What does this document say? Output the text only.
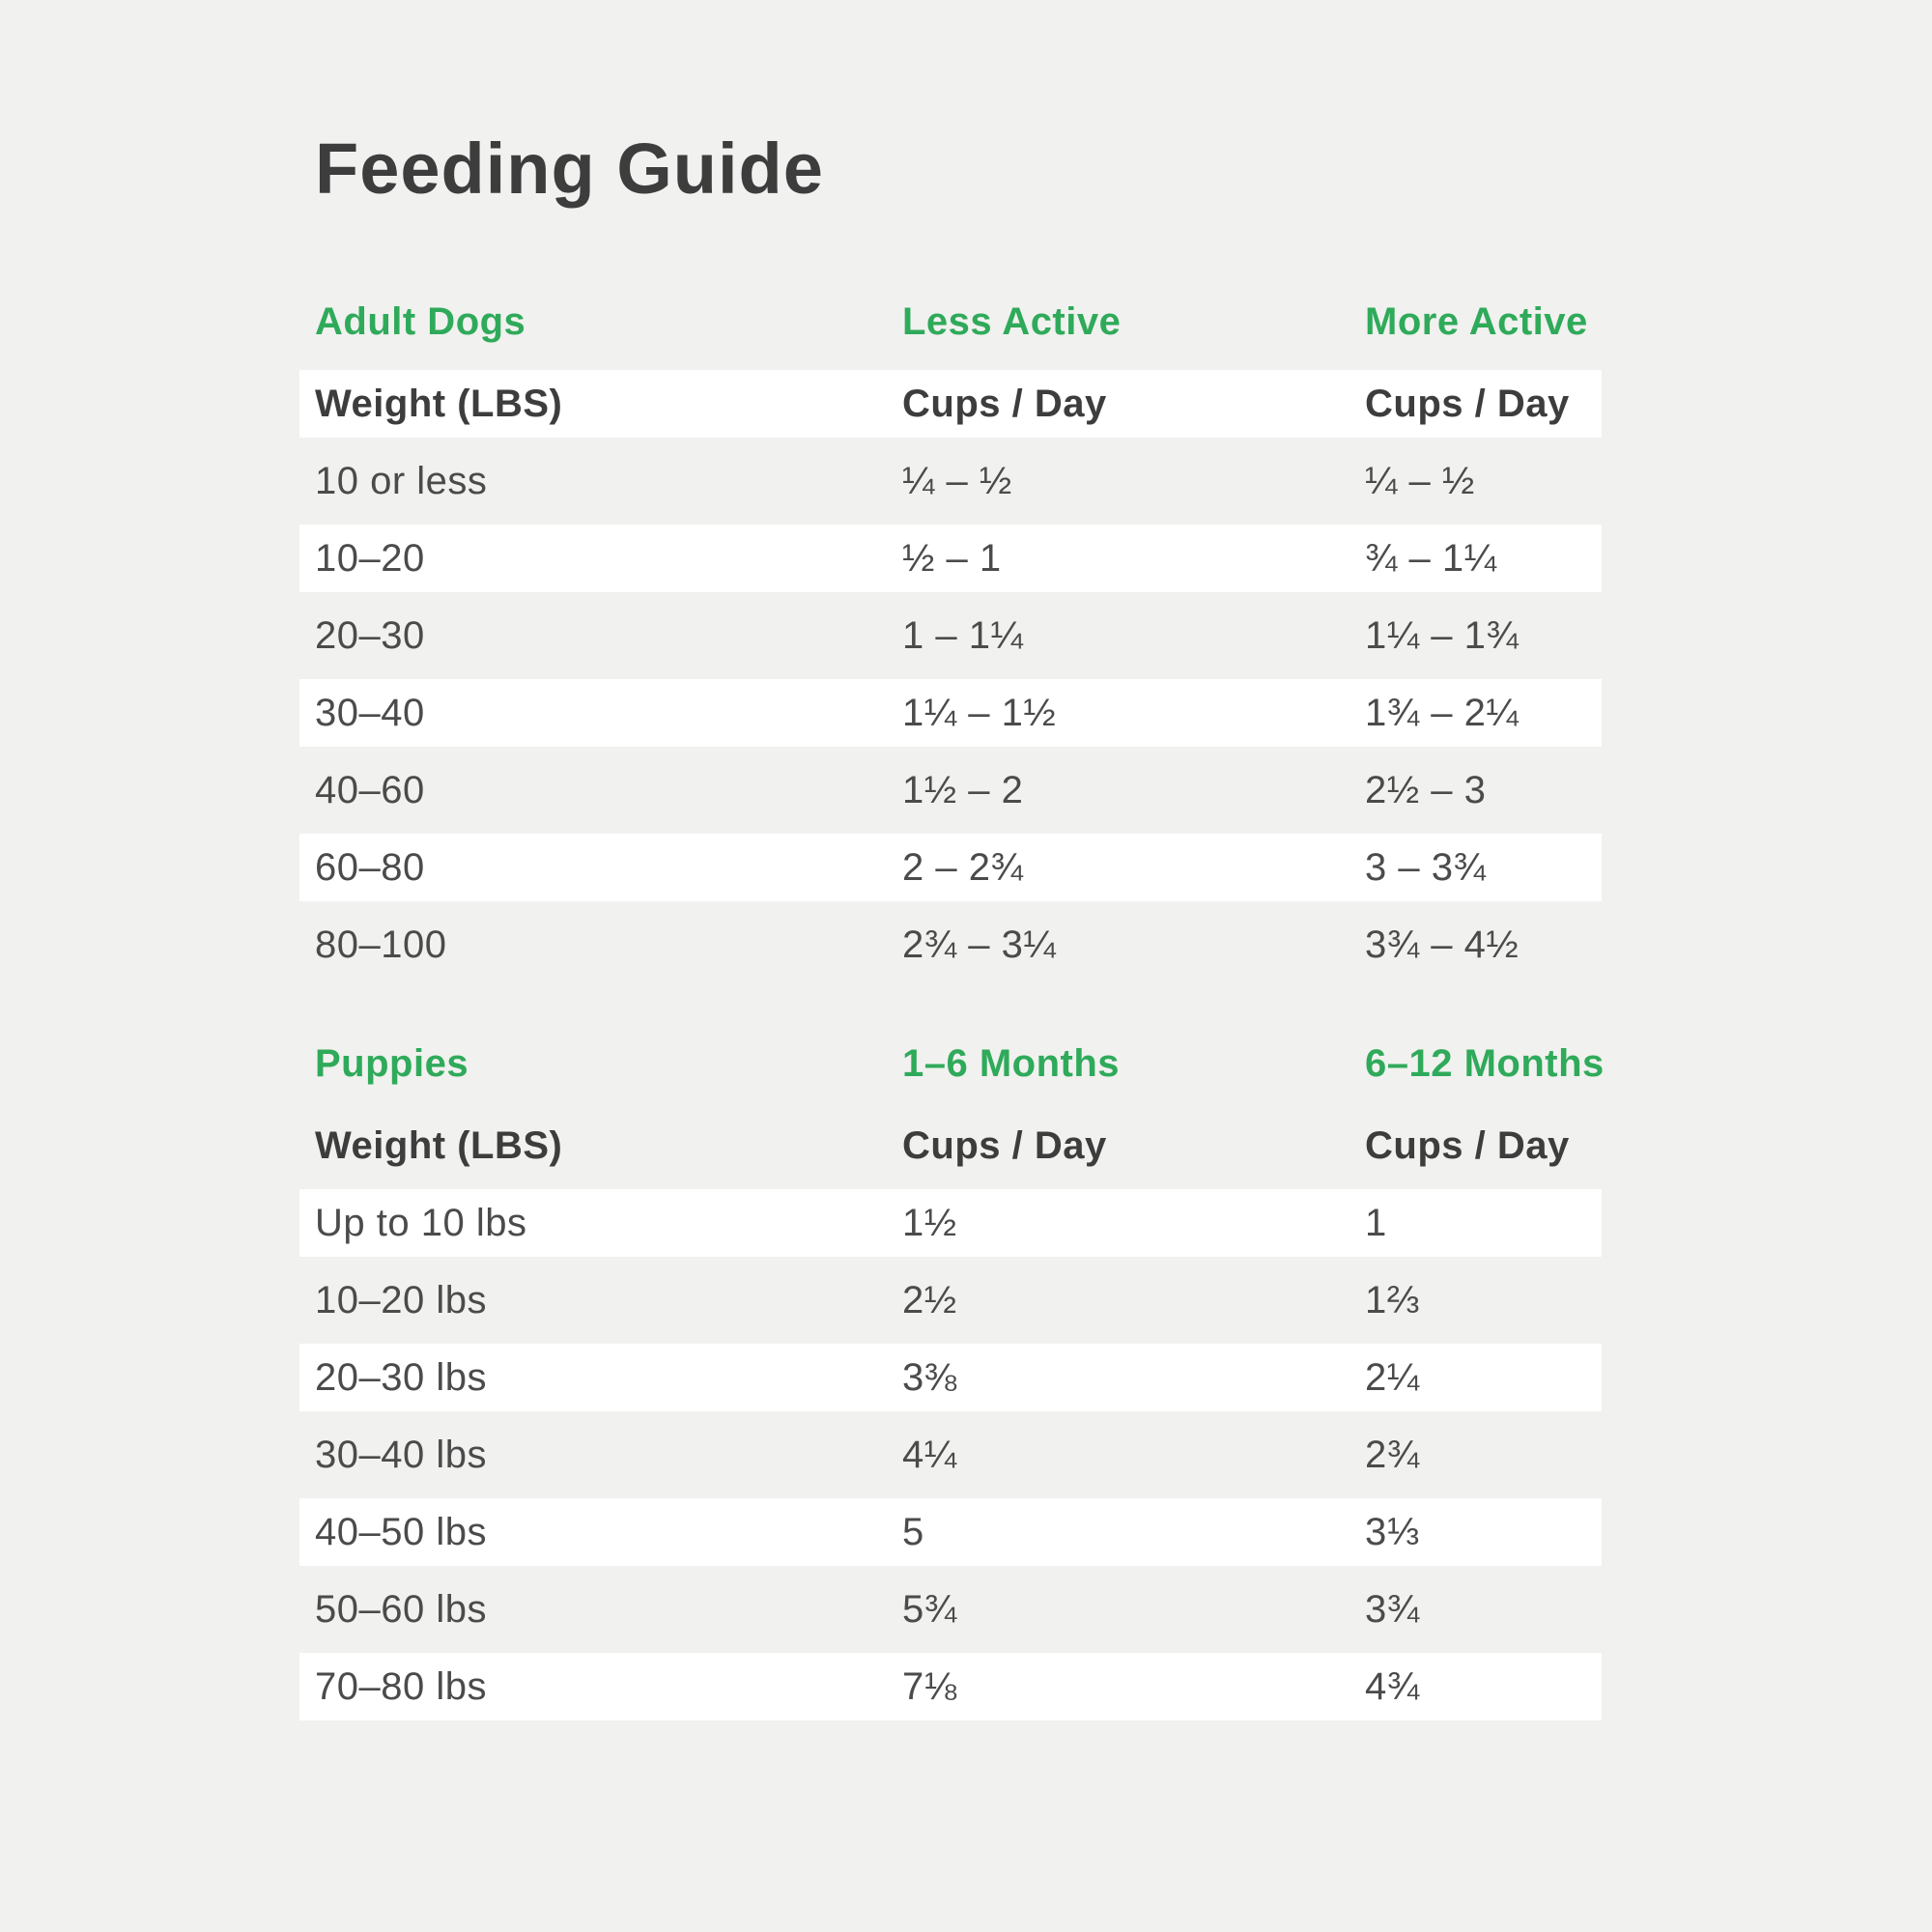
Feeding Guide
Adult Dogs	Less Active	More Active
Weight (LBS)	Cups / Day	Cups / Day
10 or less	¼ – ½	¼ – ½
10–20	½ – 1	¾ – 1¼
20–30	1 – 1¼	1¼ – 1¾
30–40	1¼ – 1½	1¾ – 2¼
40–60	1½ – 2	2½ – 3
60–80	2 – 2¾	3 – 3¾
80–100	2¾ – 3¼	3¾ – 4½
Puppies	1–6 Months	6–12 Months
Weight (LBS)	Cups / Day	Cups / Day
Up to 10 lbs	1½	1
10–20 lbs	2½	1⅔
20–30 lbs	3⅜	2¼
30–40 lbs	4¼	2¾
40–50 lbs	5	3⅓
50–60 lbs	5¾	3¾
70–80 lbs	7⅛	4¾
